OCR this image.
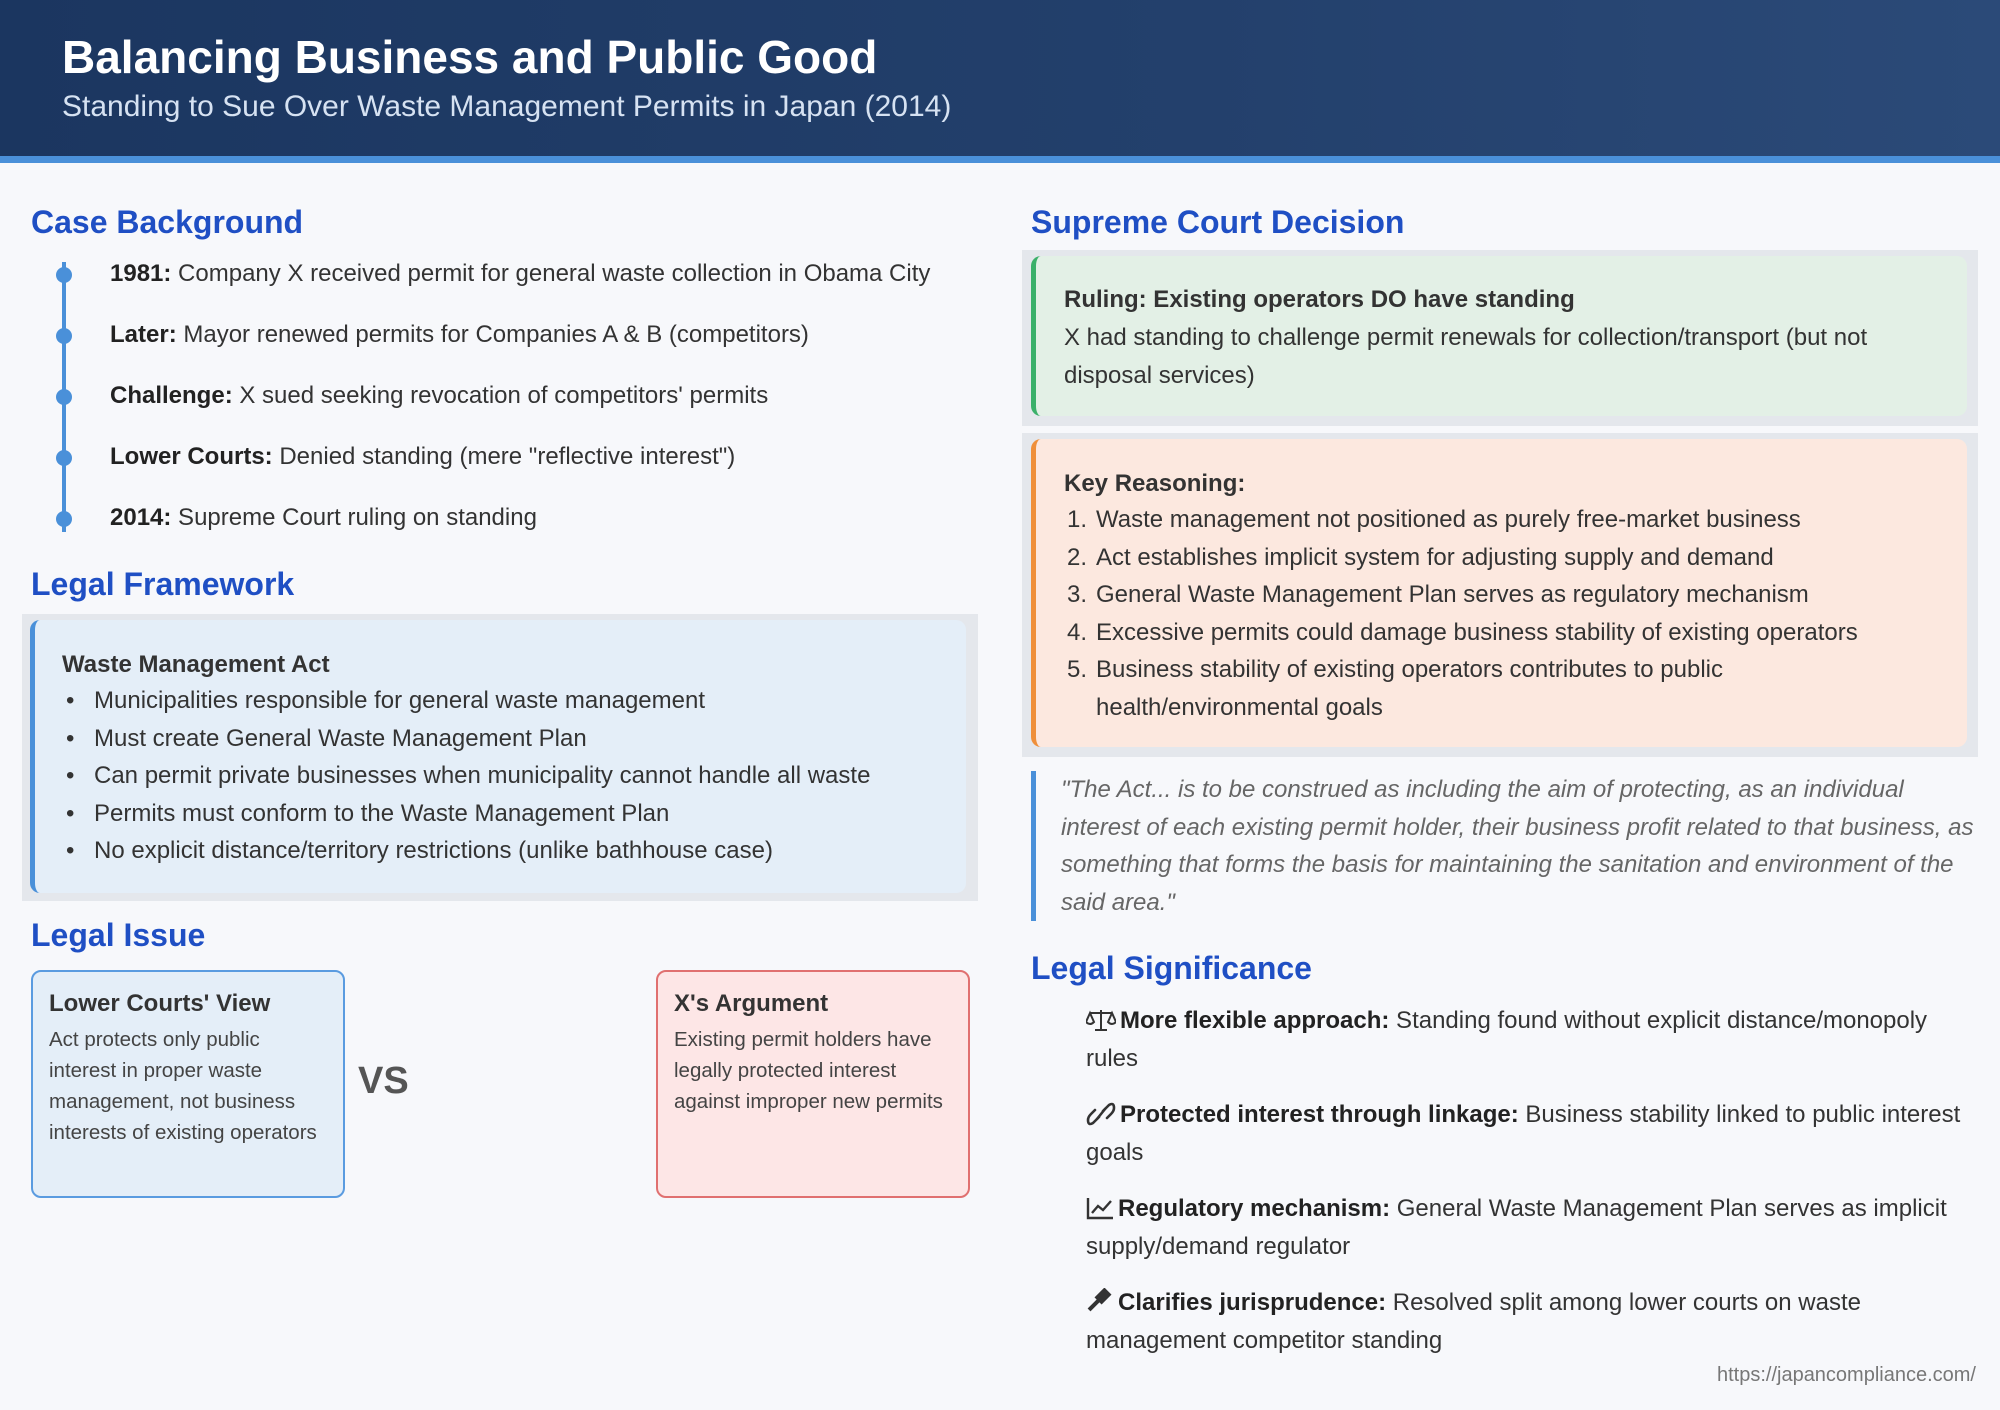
Balancing Business and Public Good
Standing to Sue Over Waste Management Permits in Japan (2014)
Case Background
1981: Company X received permit for general waste collection in Obama City
Later: Mayor renewed permits for Companies A & B (competitors)
Challenge: X sued seeking revocation of competitors' permits
Lower Courts: Denied standing (mere "reflective interest")
2014: Supreme Court ruling on standing
Legal Framework
Waste Management Act
• Municipalities responsible for general waste management
• Must create General Waste Management Plan
• Can permit private businesses when municipality cannot handle all waste
• Permits must conform to the Waste Management Plan
• No explicit distance/territory restrictions (unlike bathhouse case)
Legal Issue
Lower Courts' View
Act protects only public interest in proper waste management, not business interests of existing operators
VS
X's Argument
Existing permit holders have legally protected interest against improper new permits
Supreme Court Decision
Ruling: Existing operators DO have standing
X had standing to challenge permit renewals for collection/transport (but not disposal services)
Key Reasoning:
1. Waste management not positioned as purely free-market business
2. Act establishes implicit system for adjusting supply and demand
3. General Waste Management Plan serves as regulatory mechanism
4. Excessive permits could damage business stability of existing operators
5. Business stability of existing operators contributes to public health/environmental goals
"The Act... is to be construed as including the aim of protecting, as an individual interest of each existing permit holder, their business profit related to that business, as something that forms the basis for maintaining the sanitation and environment of the said area."
Legal Significance
More flexible approach: Standing found without explicit distance/monopoly rules
Protected interest through linkage: Business stability linked to public interest goals
Regulatory mechanism: General Waste Management Plan serves as implicit supply/demand regulator
Clarifies jurisprudence: Resolved split among lower courts on waste management competitor standing
https://japancompliance.com/
